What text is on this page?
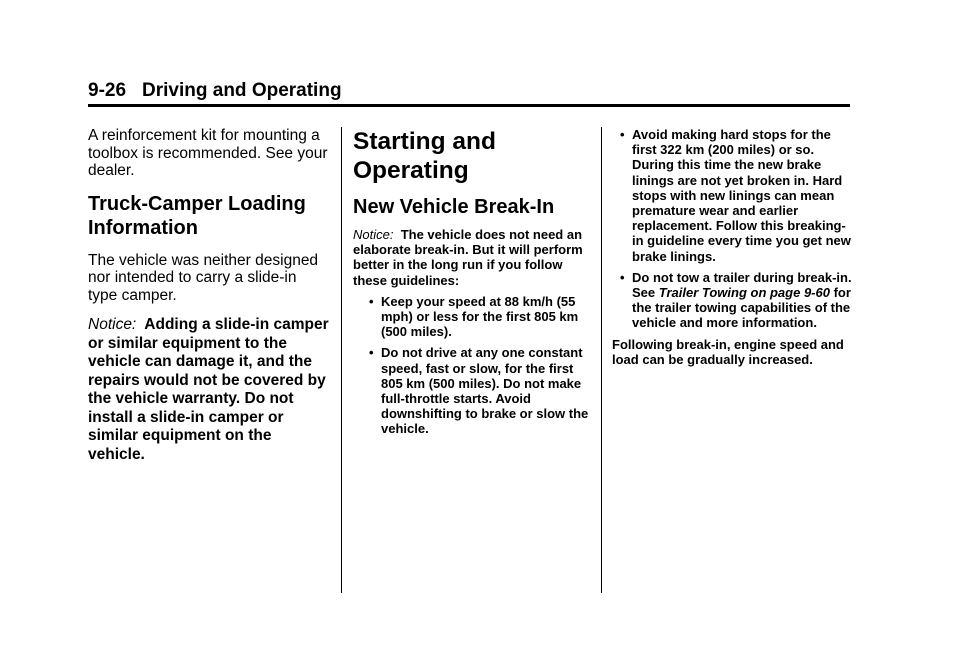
9-26 Driving and Operating

A reinforcement kit for mounting a toolbox is recommended. See your dealer.

Truck-Camper Loading Information

The vehicle was neither designed nor intended to carry a slide-in type camper.

Notice: Adding a slide-in camper or similar equipment to the vehicle can damage it, and the repairs would not be covered by the vehicle warranty. Do not install a slide-in camper or similar equipment on the vehicle.

Starting and Operating
New Vehicle Break-In

Notice: The vehicle does not need an elaborate break-in. But it will perform better in the long run if you follow these guidelines:

• Keep your speed at 88 km/h (55 mph) or less for the first 805 km (500 miles).
• Do not drive at any one constant speed, fast or slow, for the first 805 km (500 miles). Do not make full-throttle starts. Avoid downshifting to brake or slow the vehicle.
• Avoid making hard stops for the first 322 km (200 miles) or so. During this time the new brake linings are not yet broken in. Hard stops with new linings can mean premature wear and earlier replacement. Follow this breaking-in guideline every time you get new brake linings.
• Do not tow a trailer during break-in. See Trailer Towing on page 9-60 for the trailer towing capabilities of the vehicle and more information.

Following break-in, engine speed and load can be gradually increased.
